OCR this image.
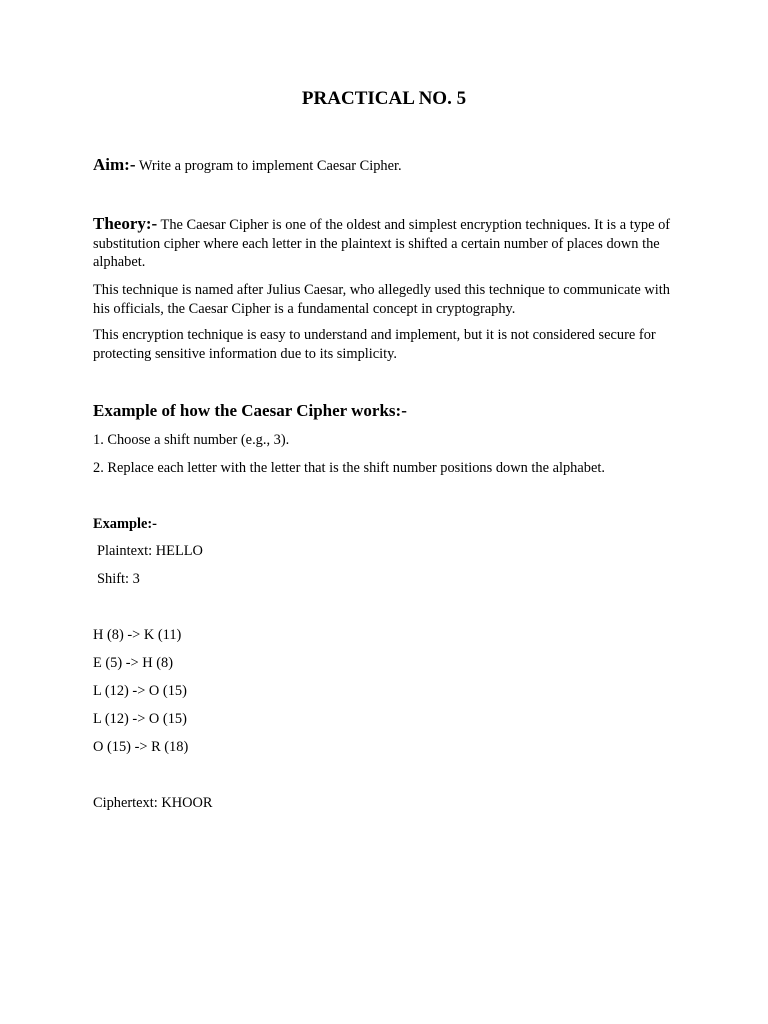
PRACTICAL NO. 5

Aim:- Write a program to implement Caesar Cipher.

Theory:- The Caesar Cipher is one of the oldest and simplest encryption techniques. It is a type of substitution cipher where each letter in the plaintext is shifted a certain number of places down the alphabet.

This technique is named after Julius Caesar, who allegedly used this technique to communicate with his officials, the Caesar Cipher is a fundamental concept in cryptography.

This encryption technique is easy to understand and implement, but it is not considered secure for protecting sensitive information due to its simplicity.

Example of how the Caesar Cipher works:-

1. Choose a shift number (e.g., 3).

2. Replace each letter with the letter that is the shift number positions down the alphabet.

Example:-

Plaintext: HELLO

Shift: 3

H (8) -> K (11)

E (5) -> H (8)

L (12) -> O (15)

L (12) -> O (15)

O (15) -> R (18)

Ciphertext: KHOOR
